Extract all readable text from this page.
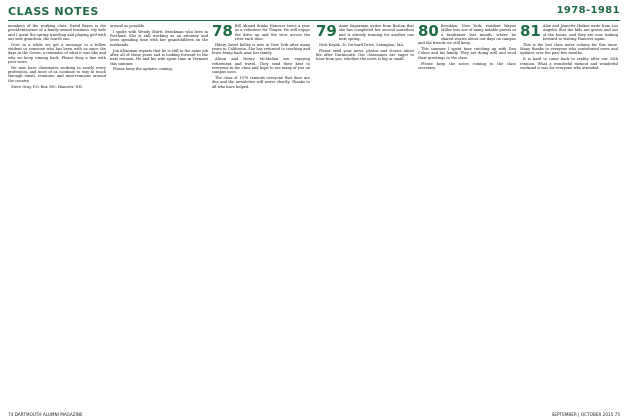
CLASS NOTES	1978-1981

members of the working class. David Reyes is the president/owner of a family-owned business. My wife and I spent the spring traveling and playing golf with our new grandson, the fourth one.

Over in a while we get a message to a fellow student or someone who has been with us since the days in the Green, a reminder of what it was like and why we keep coming back. Please drop a line with your news.

We now have classmates working in nearly every profession, and most of us continue to stay in touch through email, reunions, and mini-reunions around the country.

Steve Gray, P.O. Box 390, Hanover, NH.

around as possible.

I spoke with Wendy Shirts Swinkman who lives in Portland. She is still working as an attorney and loves spending time with her grandchildren on the weekends.

Jon Kleinman reports that he is still in the same job after all of these years and is looking forward to the next reunion. He and his wife spent time in Vermont this summer.

Please keep the updates coming.

78 Bill Ahmed thinks Hanover twice a year as a volunteer for Thayer. He still enjoys the drive up and the view across the river each time.

Hilary Zeitel Kelley is now in New York after many years in California. She has returned to teaching and loves being back near her family.

Alison and Henry McMullan are enjoying retirement and travel. They send their best to everyone in the class and hope to see many of you on campus soon.

The class of 1978 reminds everyone that dues are due and the newsletter will arrive shortly. Thanks to all who have helped.

79 Anne Sugarman writes from Boston that she has completed her second marathon and is already training for another one next spring.

Nick Koyak, 10 Orchard Drive, Lexington, MA.

Please send your news, photos and stories about life after Dartmouth. Our classmates are eager to hear from you, whether the news is big or small.

80 Brooklyn, New York, resident Wayne Miller was one of many notable guests at a fundraiser last month, where he shared stories about our days on campus and the friends we still keep.

This summer I spent time catching up with Dan Cohen and his family. They are doing well and send their greetings to the class.

Please keep the notes coming to the class secretary.

81 Alan and Jeanette Heikes write from Los Angeles that the kids are grown and out of the house, and they are now looking forward to visiting Hanover again.

This is the last class notes column for this issue. Many thanks to everyone who contributed news and updates over the past few months.

It is hard to come back to reality after our 35th reunion. What a wonderful turnout and wonderful weekend it was for everyone who attended.

74 DARTMOUTH ALUMNI MAGAZINE	SEPTEMBER | OCTOBER 2015 75
